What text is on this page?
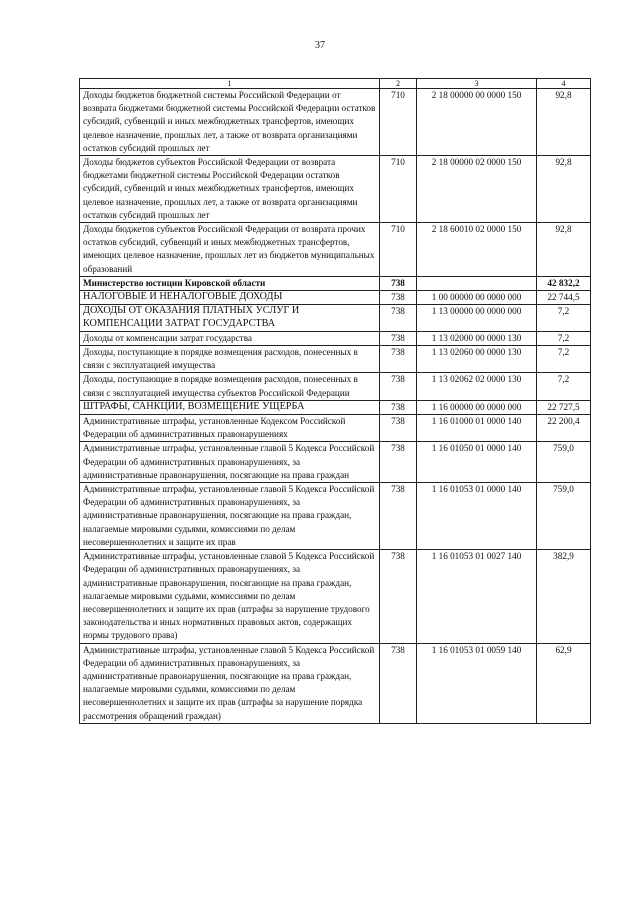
37
1	2	3	4
Доходы бюджетов бюджетной системы Российской Федерации от возврата бюджетами бюджетной системы Российской Федерации остатков субсидий, субвенций и иных межбюджетных трансфертов, имеющих целевое назначение, прошлых лет, а также от возврата организациями остатков субсидий прошлых лет	710	2 18 00000 00 0000 150	92,8
Доходы бюджетов субъектов Российской Федерации от возврата бюджетами бюджетной системы Российской Федерации остатков субсидий, субвенций и иных межбюджетных трансфертов, имеющих целевое назначение, прошлых лет, а также от возврата организациями остатков субсидий прошлых лет	710	2 18 00000 02 0000 150	92,8
Доходы бюджетов субъектов Российской Федерации от возврата прочих остатков субсидий, субвенций и иных межбюджетных трансфертов, имеющих целевое назначение, прошлых лет из бюджетов муниципальных образований	710	2 18 60010 02 0000 150	92,8
Министерство юстиции Кировской области	738		42 832,2
НАЛОГОВЫЕ И НЕНАЛОГОВЫЕ ДОХОДЫ	738	1 00 00000 00 0000 000	22 744,5
ДОХОДЫ ОТ ОКАЗАНИЯ ПЛАТНЫХ УСЛУГ И КОМПЕНСАЦИИ ЗАТРАТ ГОСУДАРСТВА	738	1 13 00000 00 0000 000	7,2
Доходы от компенсации затрат государства	738	1 13 02000 00 0000 130	7,2
Доходы, поступающие в порядке возмещения расходов, понесенных в связи с эксплуатацией имущества	738	1 13 02060 00 0000 130	7,2
Доходы, поступающие в порядке возмещения расходов, понесенных в связи с эксплуатацией имущества субъектов Российской Федерации	738	1 13 02062 02 0000 130	7,2
ШТРАФЫ, САНКЦИИ, ВОЗМЕЩЕНИЕ УЩЕРБА	738	1 16 00000 00 0000 000	22 727,5
Административные штрафы, установленные Кодексом Российской Федерации об административных правонарушениях	738	1 16 01000 01 0000 140	22 200,4
Административные штрафы, установленные главой 5 Кодекса Российской Федерации об административных правонарушениях, за административные правонарушения, посягающие на права граждан	738	1 16 01050 01 0000 140	759,0
Административные штрафы, установленные главой 5 Кодекса Российской Федерации об административных правонарушениях, за административные правонарушения, посягающие на права граждан, налагаемые мировыми судьями, комиссиями по делам несовершеннолетних и защите их прав	738	1 16 01053 01 0000 140	759,0
Административные штрафы, установленные главой 5 Кодекса Российской Федерации об административных правонарушениях, за административные правонарушения, посягающие на права граждан, налагаемые мировыми судьями, комиссиями по делам несовершеннолетних и защите их прав (штрафы за нарушение трудового законодательства и иных нормативных правовых актов, содержащих нормы трудового права)	738	1 16 01053 01 0027 140	382,9
Административные штрафы, установленные главой 5 Кодекса Российской Федерации об административных правонарушениях, за административные правонарушения, посягающие на права граждан, налагаемые мировыми судьями, комиссиями по делам несовершеннолетних и защите их прав (штрафы за нарушение порядка рассмотрения обращений граждан)	738	1 16 01053 01 0059 140	62,9
